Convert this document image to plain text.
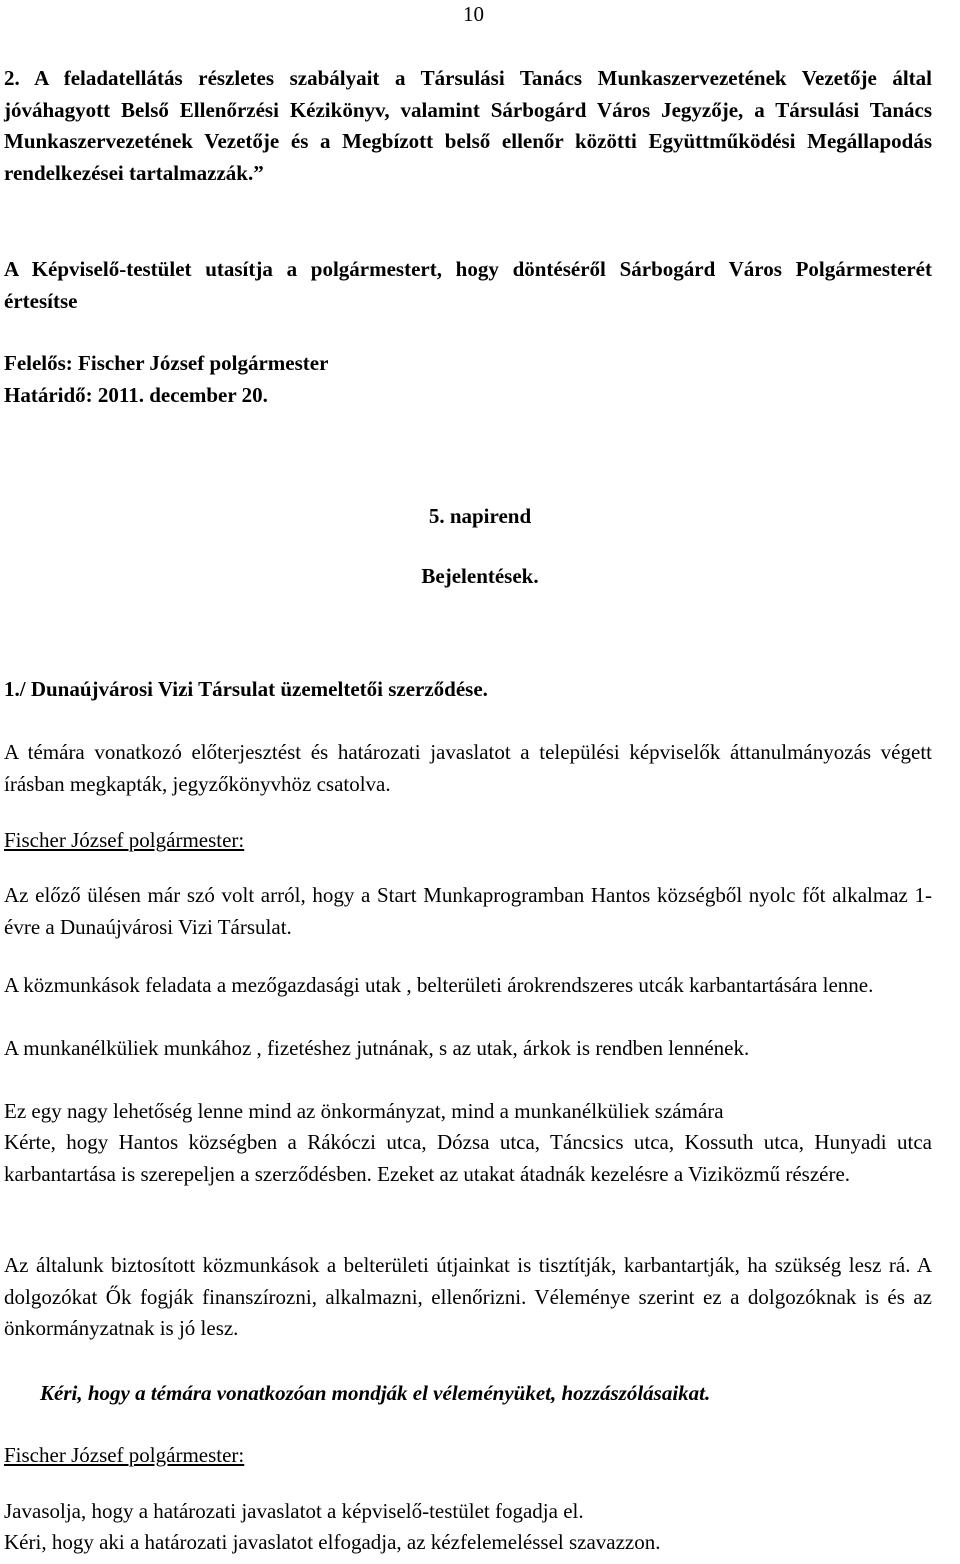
10

2. A feladatellátás részletes szabályait a Társulási Tanács Munkaszervezetének Vezetője által jóváhagyott Belső Ellenőrzési Kézikönyv, valamint Sárbogárd Város Jegyzője, a Társulási Tanács Munkaszervezetének Vezetője és a Megbízott belső ellenőr közötti Együttműködési Megállapodás rendelkezései tartalmazzák.”

A Képviselő-testület utasítja a polgármestert, hogy döntéséről Sárbogárd Város Polgármesterét értesítse

Felelős: Fischer József polgármester

Határidő: 2011. december 20.

5. napirend

Bejelentések.

1./ Dunaújvárosi Vizi Társulat üzemeltetői szerződése.

A témára vonatkozó előterjesztést és határozati javaslatot a települési képviselők áttanulmányozás végett írásban megkapták, jegyzőkönyvhöz csatolva.

Fischer József polgármester:

Az előző ülésen már szó volt arról, hogy a Start Munkaprogramban Hantos községből nyolc főt alkalmaz 1- évre a Dunaújvárosi Vizi Társulat.

A közmunkások feladata a mezőgazdasági utak , belterületi árokrendszeres utcák karbantartására lenne.

A munkanélküliek munkához , fizetéshez jutnának, s az utak, árkok is rendben lennének.

Ez egy nagy lehetőség lenne mind az önkormányzat, mind a munkanélküliek számára

Kérte, hogy Hantos községben a Rákóczi utca, Dózsa utca, Táncsics utca, Kossuth utca, Hunyadi utca karbantartása is szerepeljen a szerződésben. Ezeket az utakat átadnák kezelésre a Viziközmű részére.

Az általunk biztosított közmunkások a belterületi útjainkat is tisztítják, karbantartják, ha szükség lesz rá. A dolgozókat Ők fogják finanszírozni, alkalmazni, ellenőrizni. Véleménye szerint ez a dolgozóknak is és az önkormányzatnak is jó lesz.

Kéri, hogy a témára vonatkozóan mondják el véleményüket, hozzászólásaikat.

Fischer József polgármester:

Javasolja, hogy a határozati javaslatot a képviselő-testület fogadja el.

Kéri, hogy aki a határozati javaslatot elfogadja, az kézfelemeléssel szavazzon.
